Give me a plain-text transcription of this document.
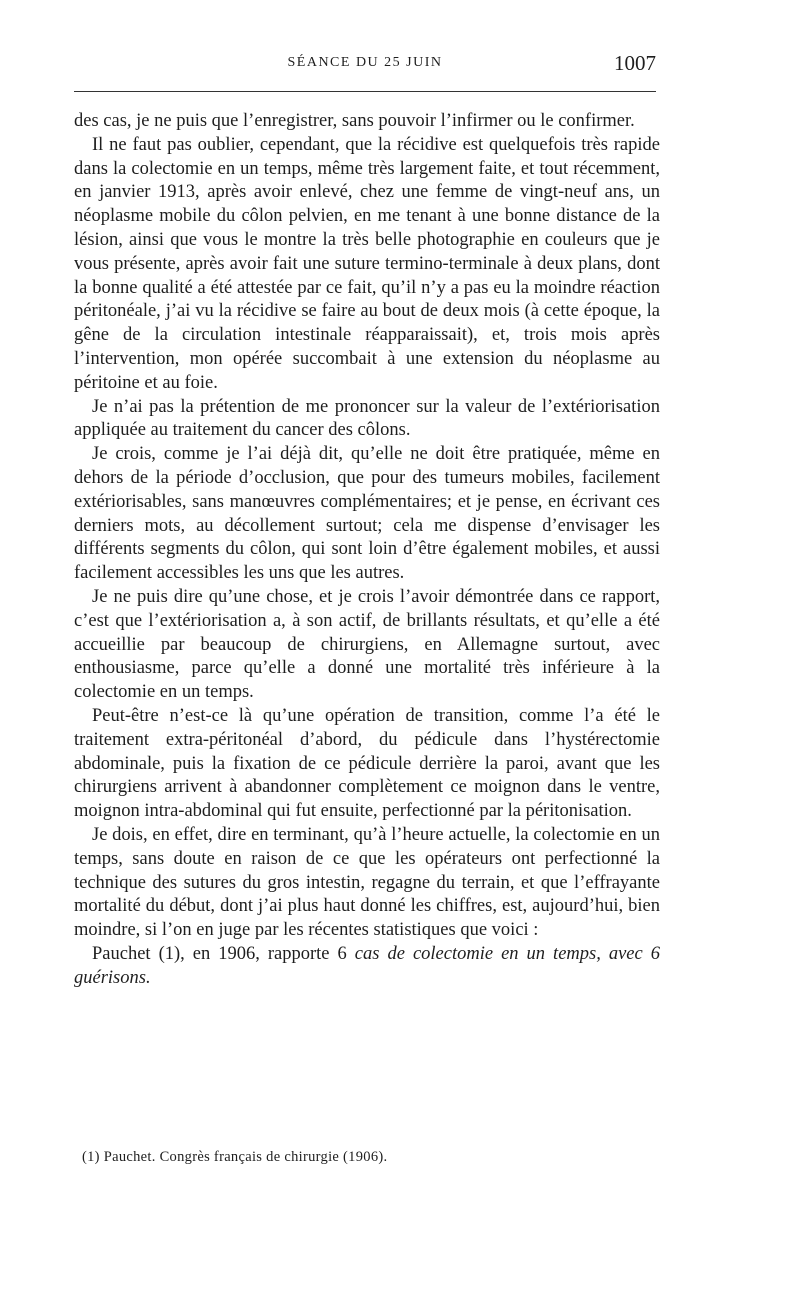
SÉANCE DU 25 JUIN	1007

des cas, je ne puis que l’enregistrer, sans pouvoir l’infirmer ou le confirmer.

Il ne faut pas oublier, cependant, que la récidive est quelquefois très rapide dans la colectomie en un temps, même très largement faite, et tout récemment, en janvier 1913, après avoir enlevé, chez une femme de vingt-neuf ans, un néoplasme mobile du côlon pelvien, en me tenant à une bonne distance de la lésion, ainsi que vous le montre la très belle photographie en couleurs que je vous présente, après avoir fait une suture termino-terminale à deux plans, dont la bonne qualité a été attestée par ce fait, qu’il n’y a pas eu la moindre réaction péritonéale, j’ai vu la récidive se faire au bout de deux mois (à cette époque, la gêne de la circulation intestinale réapparaissait), et, trois mois après l’intervention, mon opérée succombait à une extension du néoplasme au péritoine et au foie.

Je n’ai pas la prétention de me prononcer sur la valeur de l’extériorisation appliquée au traitement du cancer des côlons.

Je crois, comme je l’ai déjà dit, qu’elle ne doit être pratiquée, même en dehors de la période d’occlusion, que pour des tumeurs mobiles, facilement extériorisables, sans manœuvres complémentaires; et je pense, en écrivant ces derniers mots, au décollement surtout; cela me dispense d’envisager les différents segments du côlon, qui sont loin d’être également mobiles, et aussi facilement accessibles les uns que les autres.

Je ne puis dire qu’une chose, et je crois l’avoir démontrée dans ce rapport, c’est que l’extériorisation a, à son actif, de brillants résultats, et qu’elle a été accueillie par beaucoup de chirurgiens, en Allemagne surtout, avec enthousiasme, parce qu’elle a donné une mortalité très inférieure à la colectomie en un temps.

Peut-être n’est-ce là qu’une opération de transition, comme l’a été le traitement extra-péritonéal d’abord, du pédicule dans l’hystérectomie abdominale, puis la fixation de ce pédicule derrière la paroi, avant que les chirurgiens arrivent à abandonner complètement ce moignon dans le ventre, moignon intra-abdominal qui fut ensuite, perfectionné par la péritonisation.

Je dois, en effet, dire en terminant, qu’à l’heure actuelle, la colectomie en un temps, sans doute en raison de ce que les opérateurs ont perfectionné la technique des sutures du gros intestin, regagne du terrain, et que l’effrayante mortalité du début, dont j’ai plus haut donné les chiffres, est, aujourd’hui, bien moindre, si l’on en juge par les récentes statistiques que voici :

Pauchet (1), en 1906, rapporte 6 cas de colectomie en un temps, avec 6 guérisons.

(1) Pauchet. Congrès français de chirurgie (1906).
